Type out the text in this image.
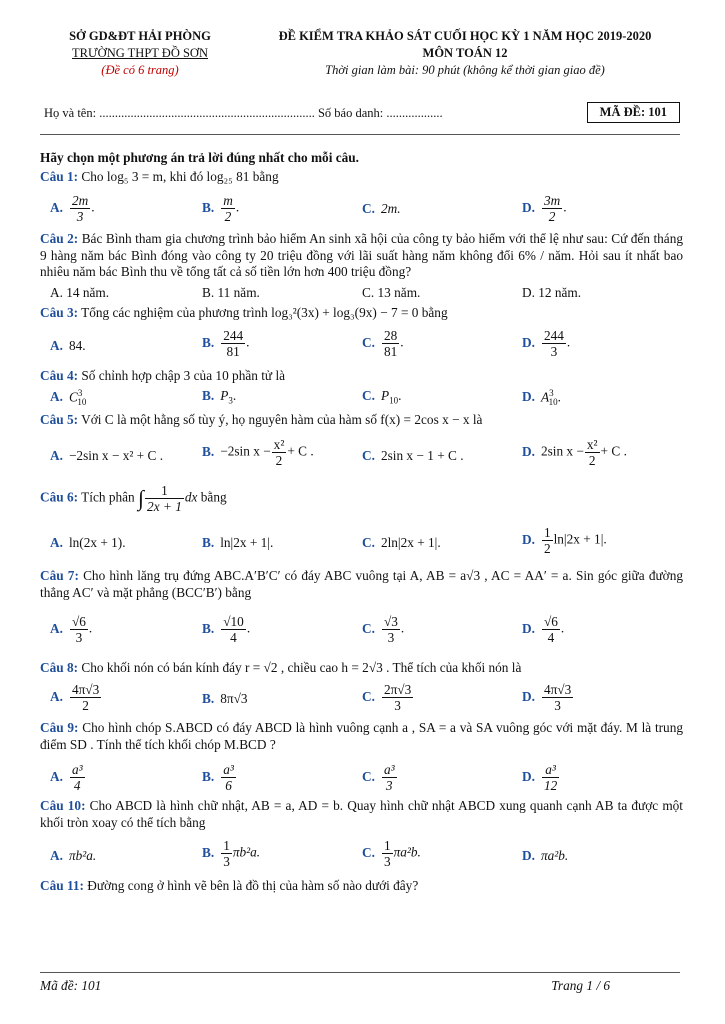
SỞ GD&ĐT HẢI PHÒNG
TRƯỜNG THPT ĐỒ SƠN
(Đề có 6 trang)
ĐỀ KIỂM TRA KHẢO SÁT CUỐI HỌC KỲ 1 NĂM HỌC 2019-2020
MÔN TOÁN 12
Thời gian làm bài: 90 phút (không kể thời gian giao đề)
Họ và tên: ..................................................................... Số báo danh: ..................	MÃ ĐỀ: 101
Hãy chọn một phương án trả lời đúng nhất cho mỗi câu.
Câu 1: Cho log₅ 3 = m, khi đó log₂₅ 81 bằng
A. $\frac{2m}{3}$ .	B. $\frac{m}{2}$ .	C. 2m.	D. $\frac{3m}{2}$ .
Câu 2: Bác Bình tham gia chương trình bảo hiểm An sinh xã hội của công ty bảo hiểm với thể lệ như sau: Cứ đến tháng 9 hàng năm bác Bình đóng vào công ty 20 triệu đồng với lãi suất hàng năm không đổi 6% / năm. Hỏi sau ít nhất bao nhiêu năm bác Bình thu về tổng tất cả số tiền lớn hơn 400 triệu đồng?
A. 14 năm.	B. 11 năm.	C. 13 năm.	D. 12 năm.
Câu 3: Tổng các nghiệm của phương trình log₃²(3x) + log₃(9x) − 7 = 0 bằng
A. 84.	B. $\frac{244}{81}$ .	C. $\frac{28}{81}$ .	D. $\frac{244}{3}$ .
Câu 4: Số chỉnh hợp chập 3 của 10 phần tử là
A. $C^3_{10}$	B. $P_3$.	C. $P_{10}$.	D. $A^3_{10}$.
Câu 5: Với C là một hằng số tùy ý, họ nguyên hàm của hàm số f(x) = 2cos x − x là
A. −2sin x − x² + C .	B. −2sin $x - \frac{\text{x²}}{2} + C$ .	C. 2sin x − 1 + C .	D. 2sin $x - \frac{\text{x²}}{2} + C$ .
Câu 6: Tích phân ∫ $\frac{1}{2x + 1}$ dx bằng
A. ln(2x + 1).	B. ln|2x + 1|.	C. 2ln|2x + 1|.	D. $\frac{1}{2} \ln|2x + 1|$.
Câu 7: Cho hình lăng trụ đứng ABC.A′B′C′ có đáy ABC vuông tại A, AB = a√3 , AC = AA′ = a. Sin góc giữa đường thẳng AC′ và mặt phẳng (BCC′B′) bằng
A. $\frac{√6}{3}$ .	B. $\frac{√10}{4}$ .	C. $\frac{√3}{3}$ .	D. $\frac{√6}{4}$ .
Câu 8: Cho khối nón có bán kính đáy r = √2 , chiều cao h = 2√3 . Thể tích của khối nón là
A. $\frac{4\pi√3}{2}$	B. 8π√3	C. $\frac{2\pi√3}{3}$	D. $\frac{4\pi√3}{3}$
Câu 9: Cho hình chóp S.ABCD có đáy ABCD là hình vuông cạnh a , SA = a và SA vuông góc với mặt đáy. M là trung điểm SD . Tính thể tích khối chóp M.BCD ?
A. $\frac{\text{a³}}{4}$	B. $\frac{\text{a³}}{6}$	C. $\frac{\text{a³}}{3}$	D. $\frac{\text{a³}}{12}$
Câu 10: Cho ABCD là hình chữ nhật, AB = a, AD = b. Quay hình chữ nhật ABCD xung quanh cạnh AB ta được một khối tròn xoay có thể tích bằng
A. πb²a.	B. $\frac{1}{3} \pi b^2a$.	C. $\frac{1}{3} \pi a^2b$.	D. πa²b.
Câu 11: Đường cong ở hình vẽ bên là đồ thị của hàm số nào dưới đây?
Mã đề: 101	Trang 1 / 6
